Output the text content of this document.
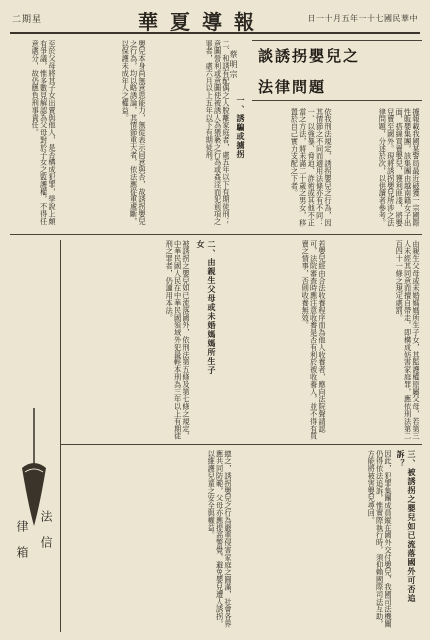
二期星	華夏導報	日一十月五年一十七國民華中
談誘拐嬰兒之
法律問題
蔡明宗
據報載我國某警局最近破獲一宗國際性販嬰集團，該集團由越南籍女子出面，搭線買賣嬰兒，獲利匪淺，將嬰兒賣至國外。現將誘拐嬰兒所涉之法律問題，分述於次，以供讀者參考。
依我刑法規定，誘拐嬰兒之行為，因其情節之不同而適用法條亦有不同：一、以強暴、脅迫、詐術或其他不正當之方法，將未滿二十歲之男女，移置於自己實力支配之下者。
一、誘騙或擄拐
二、和誘有配偶之人脫離家庭者，處五年以下有期徒刑；意圖營利或意圖使被誘人為猥褻之行為或姦淫而犯前項之罪者，處六月以上五年以下有期徒刑。
嬰兒本身尚無意思能力，無從表示同意與否，故誘拐嬰兒之行為，均以略誘論，其情節重大者，依法應從重處斷，以保護未成年人之權益。
至於父母將其子女出賣與他人，是否構成犯罪，學說上頗有爭議，惟多數見解認為父母對於子女之監護權，不得任意處分，故仍應負刑事責任。
由親生父母或未婚媽媽所生子女，其監護權原屬父母，若第三人未經其同意而擅自帶走，即構成妨害家庭罪，應依刑法第二百四十一條之規定處罰。
若嬰兒經由合法收養程序而為他人收養者，應向法院聲請認可，法院審查時應注意收養是否有利於被收養人，並不得有買賣之情事，否則收養無效。
二、由親生父母或未婚媽媽所生子女
被誘拐之嬰兒如已流落國外，依刑法第五條及第七條之規定，中華民國人民在中華民國領域外犯最輕本刑為三年以上有期徒刑之罪者，仍適用本法。
三、被誘拐之嬰兒如已流落國外可否追訴？
因此，犯罪集團成員縱在國外交付嬰兒，我國司法機關仍得依法追訴，惟實際執行時，須仰賴國際司法互助，方能將被害嬰兒尋回。
總之，誘拐嬰兒之行為嚴重侵害家庭之圓滿，社會各界應共同防範，父母亦應提高警覺，避免嬰兒遭人誘拐，以維護兒童之安全與權益。
法信
律箱
